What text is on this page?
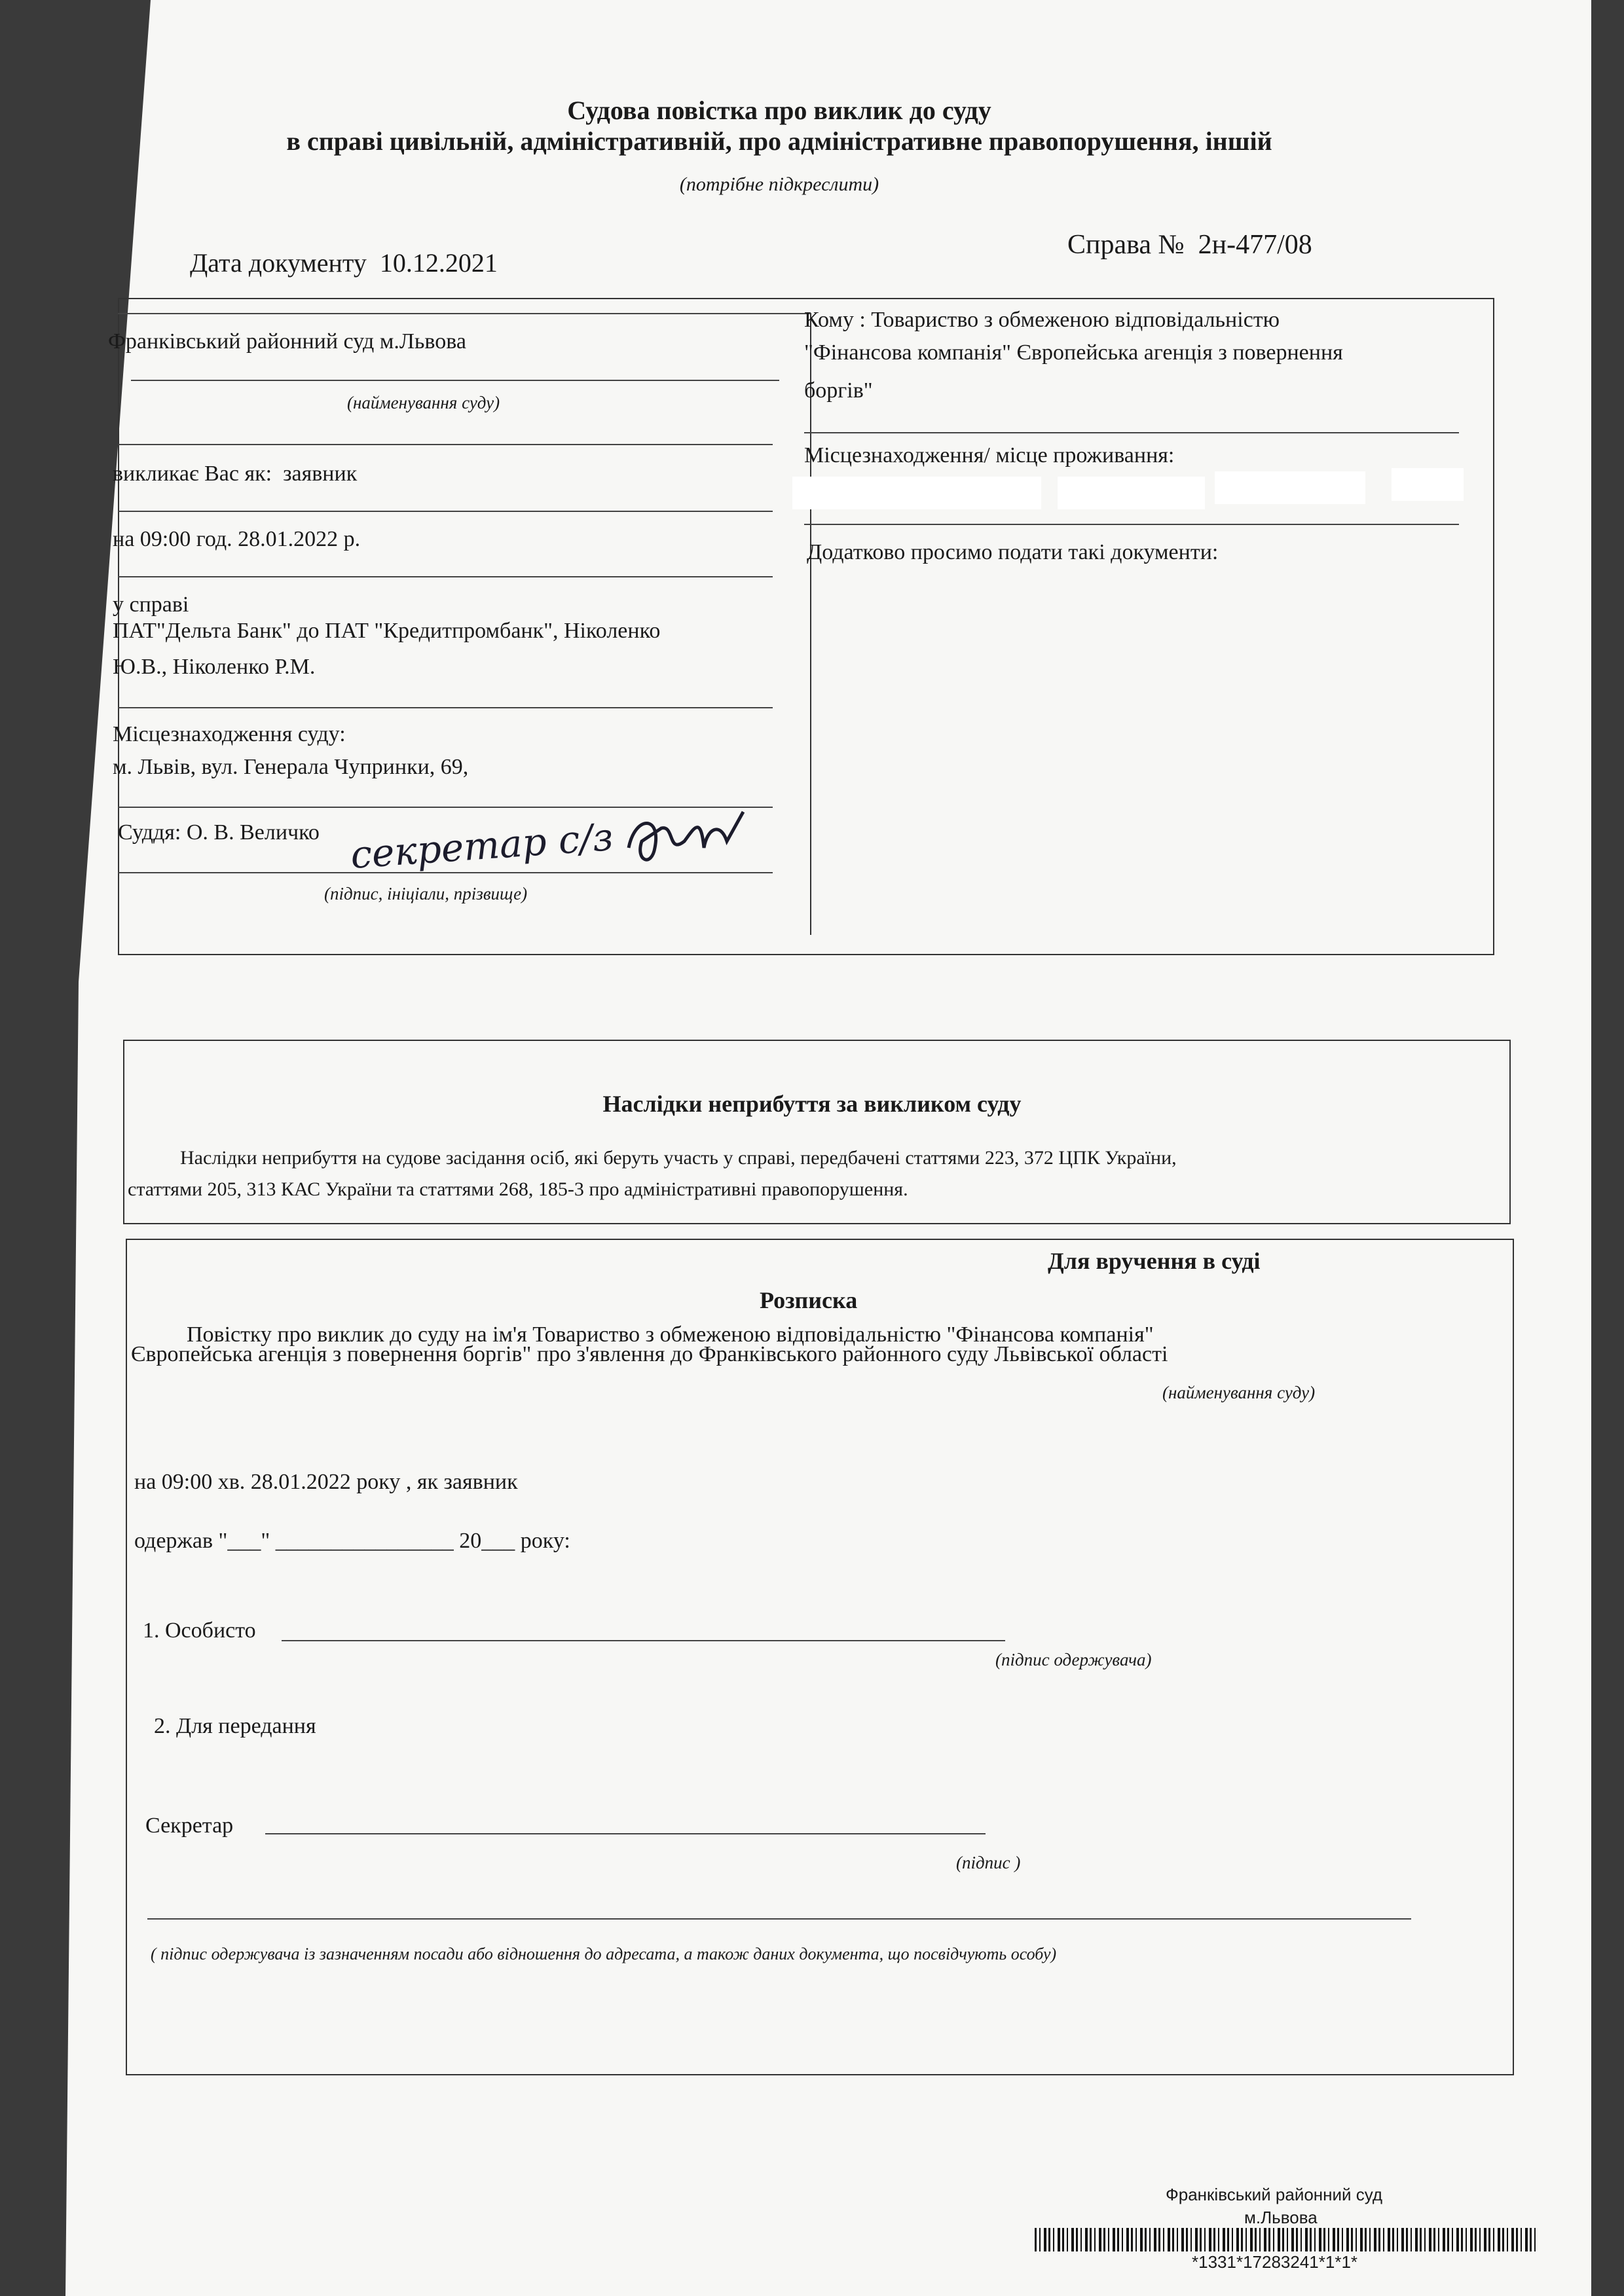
Судова повістка про виклик до суду
в справі цивільній, адміністративній, про адміністративне правопорушення, іншій
(потрібне підкреслити)
Дата документу 10.12.2021
Справа № 2н-477/08
Франківський районний суд м.Львова
(найменування суду)
викликає Вас як: заявник
на 09:00 год. 28.01.2022 р.
у справі
ПАТ"Дельта Банк" до ПАТ "Кредитпромбанк", Ніколенко
Ю.В., Ніколенко Р.М.
Місцезнаходження суду:
м. Львів, вул. Генерала Чупринки, 69,
Суддя: О. В. Величко секретар с/з
(підпис, ініціали, прізвище)
Кому : Товариство з обмеженою відповідальністю
"Фінансова компанія" Європейська агенція з повернення
боргів"
Місцезнаходження/ місце проживання:
Додатково просимо подати такі документи:
Наслідки неприбуття за викликом суду
Наслідки неприбуття на судове засідання осіб, які беруть участь у справі, передбачені статтями 223, 372 ЦПК України,
статтями 205, 313 КАС України та статтями 268, 185-3 про адміністративні правопорушення.
Для вручення в суді
Розписка
Повістку про виклик до суду на ім'я Товариство з обмеженою відповідальністю "Фінансова компанія"
Європейська агенція з повернення боргів" про з'явлення до Франківського районного суду Львівської області
(найменування суду)
на 09:00 хв. 28.01.2022 року , як заявник
одержав "___" ________________ 20___ року:
1. Особисто
(підпис одержувача)
2. Для передання
Секретар
(підпис )
( підпис одержувача із зазначенням посади або відношення до адресата, а також даних документа, що посвідчують особу)
Франківський районний суд
м.Львова
*1331*17283241*1*1*
